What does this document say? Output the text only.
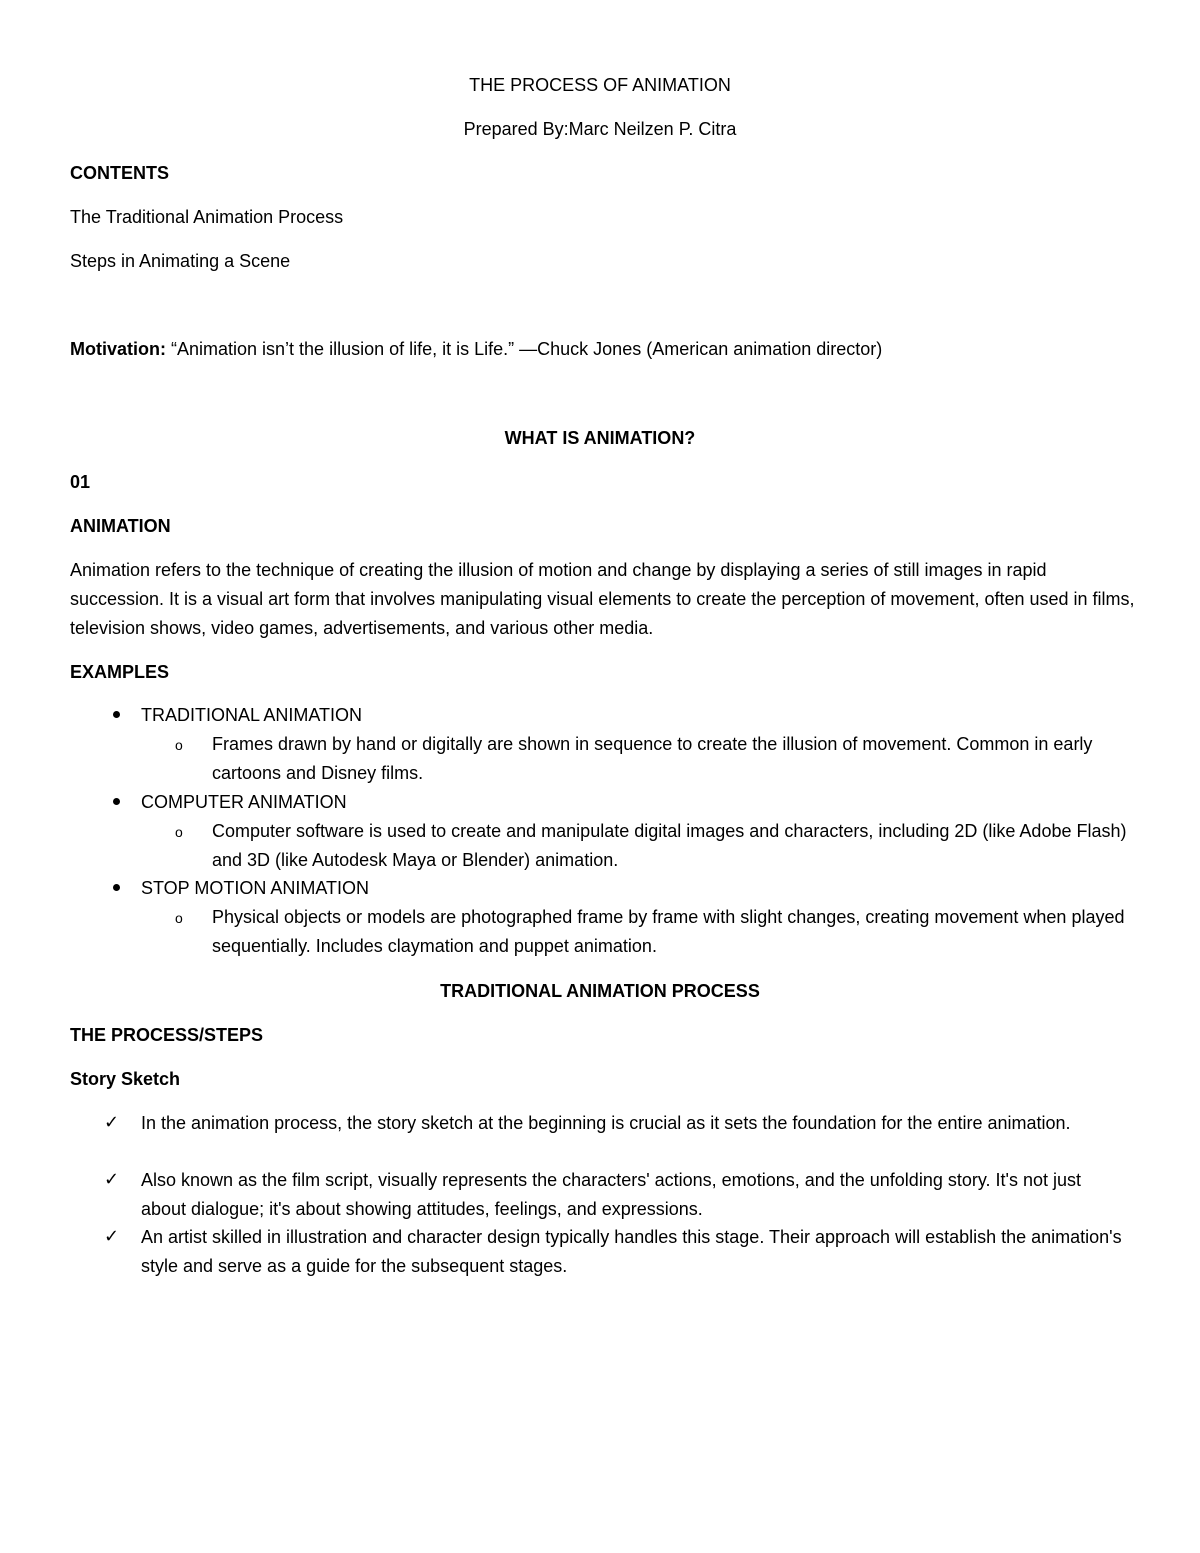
THE PROCESS OF ANIMATION
Prepared By:Marc Neilzen P. Citra
CONTENTS
The Traditional Animation Process
Steps in Animating a Scene
Motivation: “Animation isn’t the illusion of life, it is Life.” —Chuck Jones (American animation director)
WHAT IS ANIMATION?
01
ANIMATION
Animation refers to the technique of creating the illusion of motion and change by displaying a series of still images in rapid succession. It is a visual art form that involves manipulating visual elements to create the perception of movement, often used in films, television shows, video games, advertisements, and various other media.
EXAMPLES
TRADITIONAL ANIMATION
o Frames drawn by hand or digitally are shown in sequence to create the illusion of movement. Common in early cartoons and Disney films.
COMPUTER ANIMATION
o Computer software is used to create and manipulate digital images and characters, including 2D (like Adobe Flash) and 3D (like Autodesk Maya or Blender) animation.
STOP MOTION ANIMATION
o Physical objects or models are photographed frame by frame with slight changes, creating movement when played sequentially. Includes claymation and puppet animation.
TRADITIONAL ANIMATION PROCESS
THE PROCESS/STEPS
Story Sketch
✓ In the animation process, the story sketch at the beginning is crucial as it sets the foundation for the entire animation.
✓ Also known as the film script, visually represents the characters' actions, emotions, and the unfolding story. It's not just about dialogue; it's about showing attitudes, feelings, and expressions.
✓ An artist skilled in illustration and character design typically handles this stage. Their approach will establish the animation's style and serve as a guide for the subsequent stages.
